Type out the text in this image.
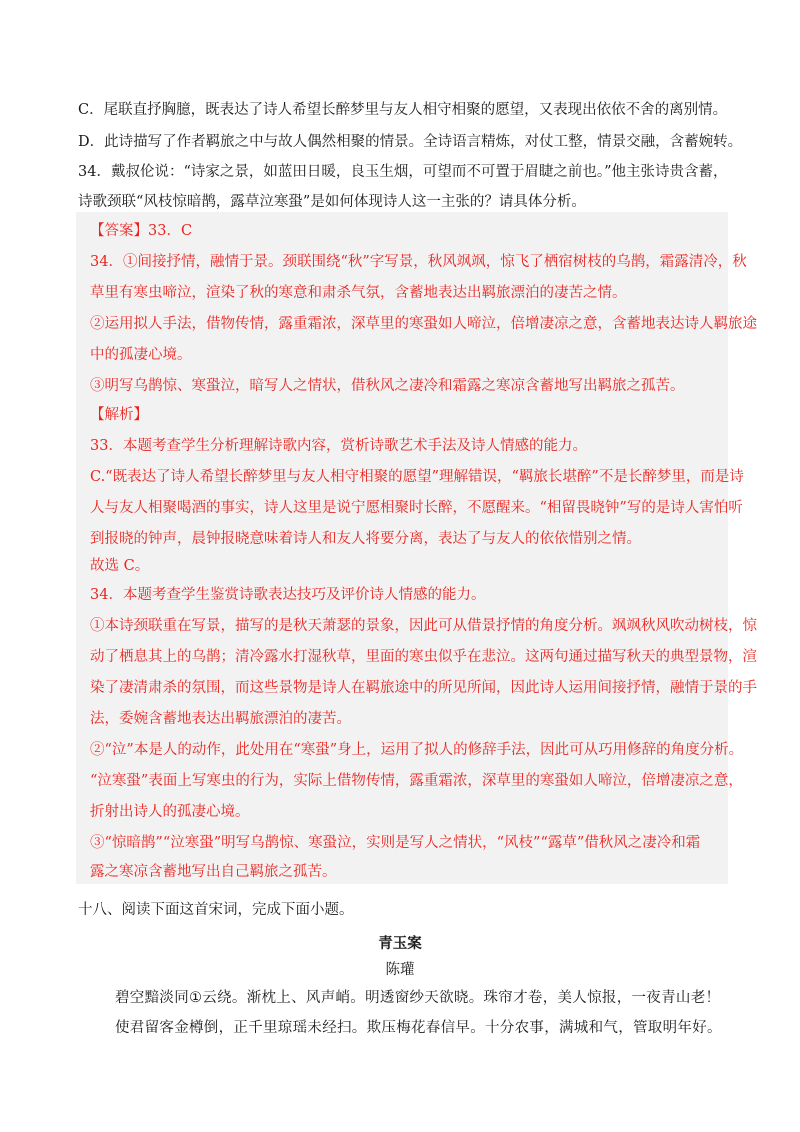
C．尾联直抒胸臆，既表达了诗人希望长醉梦里与友人相守相聚的愿望，又表现出依依不舍的离别情。
D．此诗描写了作者羁旅之中与故人偶然相聚的情景。全诗语言精炼，对仗工整，情景交融，含蓄婉转。
34．戴叔伦说：“诗家之景，如蓝田日暖，良玉生烟，可望而不可置于眉睫之前也。”他主张诗贵含蓄，
诗歌颈联“风枝惊暗鹊，露草泣寒蛩”是如何体现诗人这一主张的？请具体分析。
【答案】33．C
34．①间接抒情，融情于景。颈联围绕“秋”字写景，秋风飒飒，惊飞了栖宿树枝的乌鹊，霜露清冷，秋
草里有寒虫啼泣，渲染了秋的寒意和肃杀气氛，含蓄地表达出羁旅漂泊的凄苦之情。
②运用拟人手法，借物传情，露重霜浓，深草里的寒蛩如人啼泣，倍增凄凉之意，含蓄地表达诗人羁旅途
中的孤凄心境。
③明写乌鹊惊、寒蛩泣，暗写人之情状，借秋风之凄冷和霜露之寒凉含蓄地写出羁旅之孤苦。
【解析】
33．本题考查学生分析理解诗歌内容，赏析诗歌艺术手法及诗人情感的能力。
C.“既表达了诗人希望长醉梦里与友人相守相聚的愿望”理解错误，“羁旅长堪醉”不是长醉梦里，而是诗
人与友人相聚喝酒的事实，诗人这里是说宁愿相聚时长醉，不愿醒来。“相留畏晓钟”写的是诗人害怕听
到报晓的钟声，晨钟报晓意味着诗人和友人将要分离，表达了与友人的依依惜别之情。
故选 C。
34．本题考查学生鉴赏诗歌表达技巧及评价诗人情感的能力。
①本诗颈联重在写景，描写的是秋天萧瑟的景象，因此可从借景抒情的角度分析。飒飒秋风吹动树枝，惊
动了栖息其上的乌鹊；清冷露水打湿秋草，里面的寒虫似乎在悲泣。这两句通过描写秋天的典型景物，渲
染了凄清肃杀的氛围，而这些景物是诗人在羁旅途中的所见所闻，因此诗人运用间接抒情，融情于景的手
法，委婉含蓄地表达出羁旅漂泊的凄苦。
②“泣”本是人的动作，此处用在“寒蛩”身上，运用了拟人的修辞手法，因此可从巧用修辞的角度分析。
“泣寒蛩”表面上写寒虫的行为，实际上借物传情，露重霜浓，深草里的寒蛩如人啼泣，倍增凄凉之意，
折射出诗人的孤凄心境。
③“惊暗鹊”“泣寒蛩”明写乌鹊惊、寒蛩泣，实则是写人之情状，“风枝”“露草”借秋风之凄冷和霜
露之寒凉含蓄地写出自己羁旅之孤苦。
十八、阅读下面这首宋词，完成下面小题。
青玉案
陈瓘
碧空黯淡同①云绕。渐枕上、风声峭。明透窗纱天欲晓。珠帘才卷，美人惊报，一夜青山老！
使君留客金樽倒，正千里琼瑶未经扫。欺压梅花春信早。十分农事，满城和气，管取明年好。
